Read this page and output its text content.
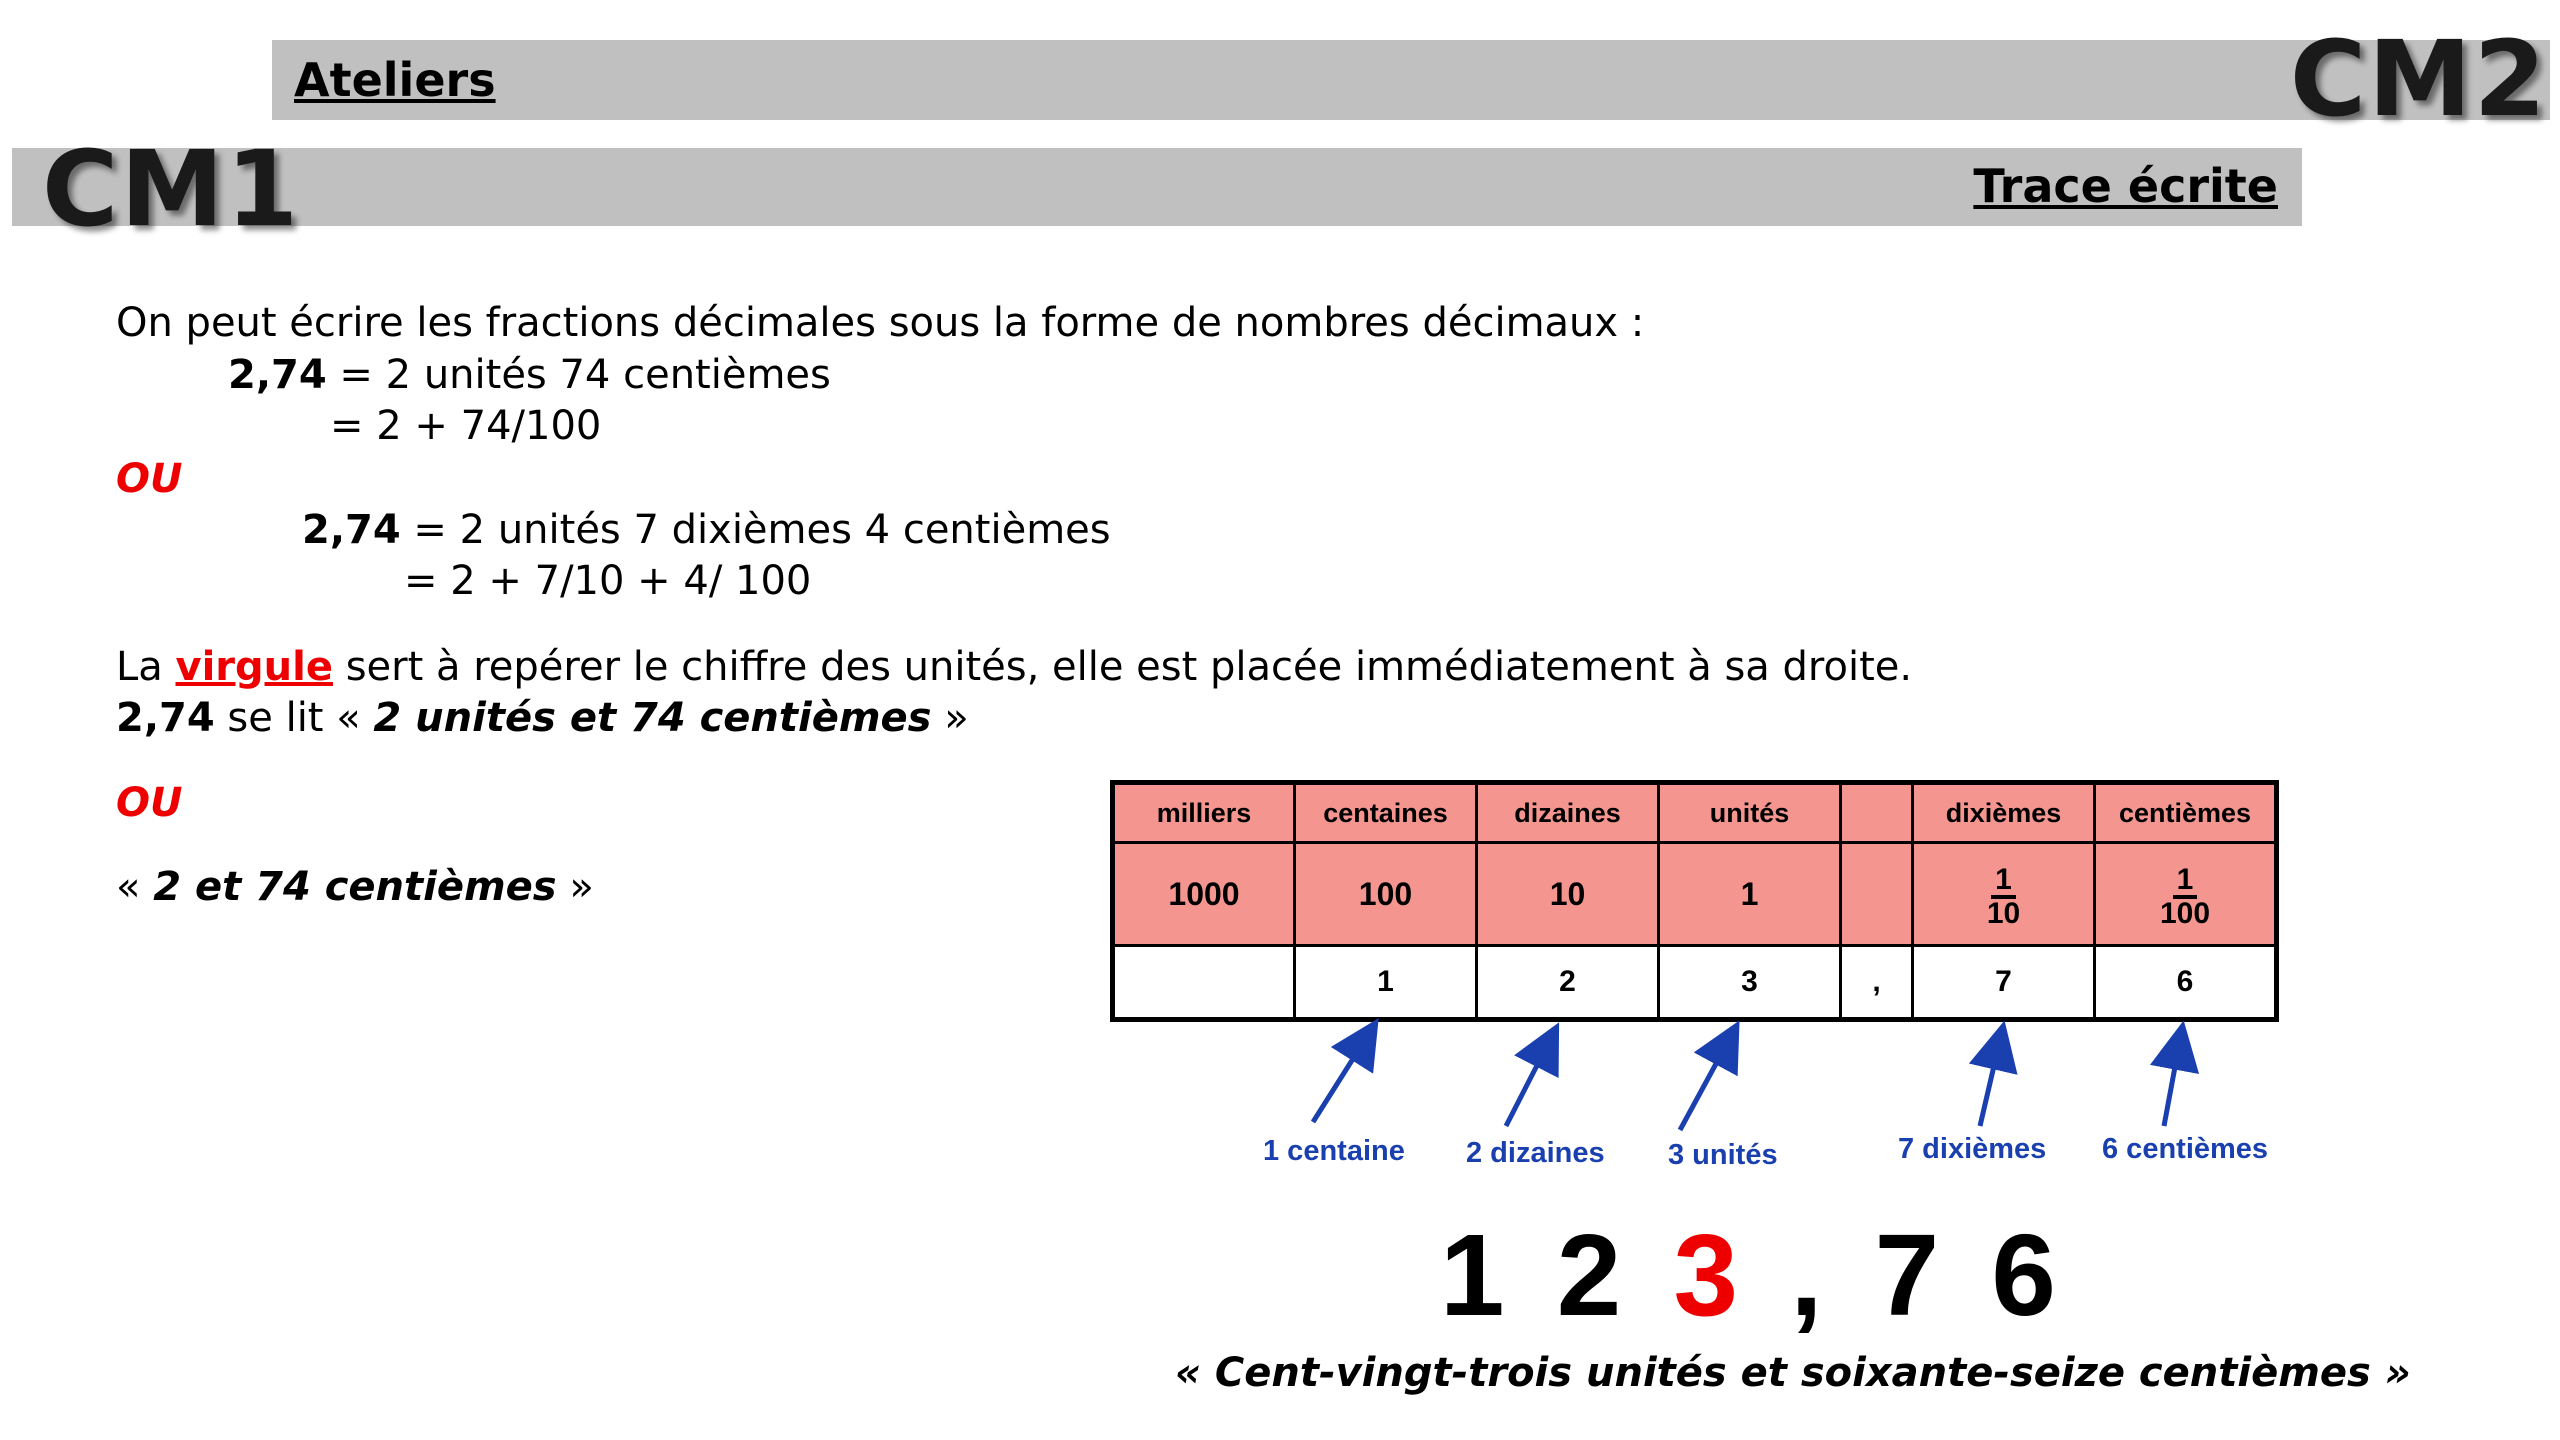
Ateliers
Trace écrite
CM2
CM1
On peut écrire les fractions décimales sous la forme de nombres décimaux :
2,74 = 2 unités 74 centièmes
= 2 + 74/100
OU
2,74 = 2 unités 7 dixièmes 4 centièmes
= 2 + 7/10 + 4/ 100
La virgule sert à repérer le chiffre des unités, elle est placée immédiatement à sa droite.
2,74 se lit « 2 unités et 74 centièmes »
OU
« 2 et 74 centièmes »
milliers	centaines	dizaines	unités		dixièmes	centièmes
1000	100	10	1		$\frac{1}{10}$	$\frac{1}{100}$

	1	2	3	,	7	6
1 centaine 2 dizaines 3 unités	7 dixièmes 6 centièmes
1 2 3 , 7 6
« Cent-vingt-trois unités et soixante-seize centièmes »
